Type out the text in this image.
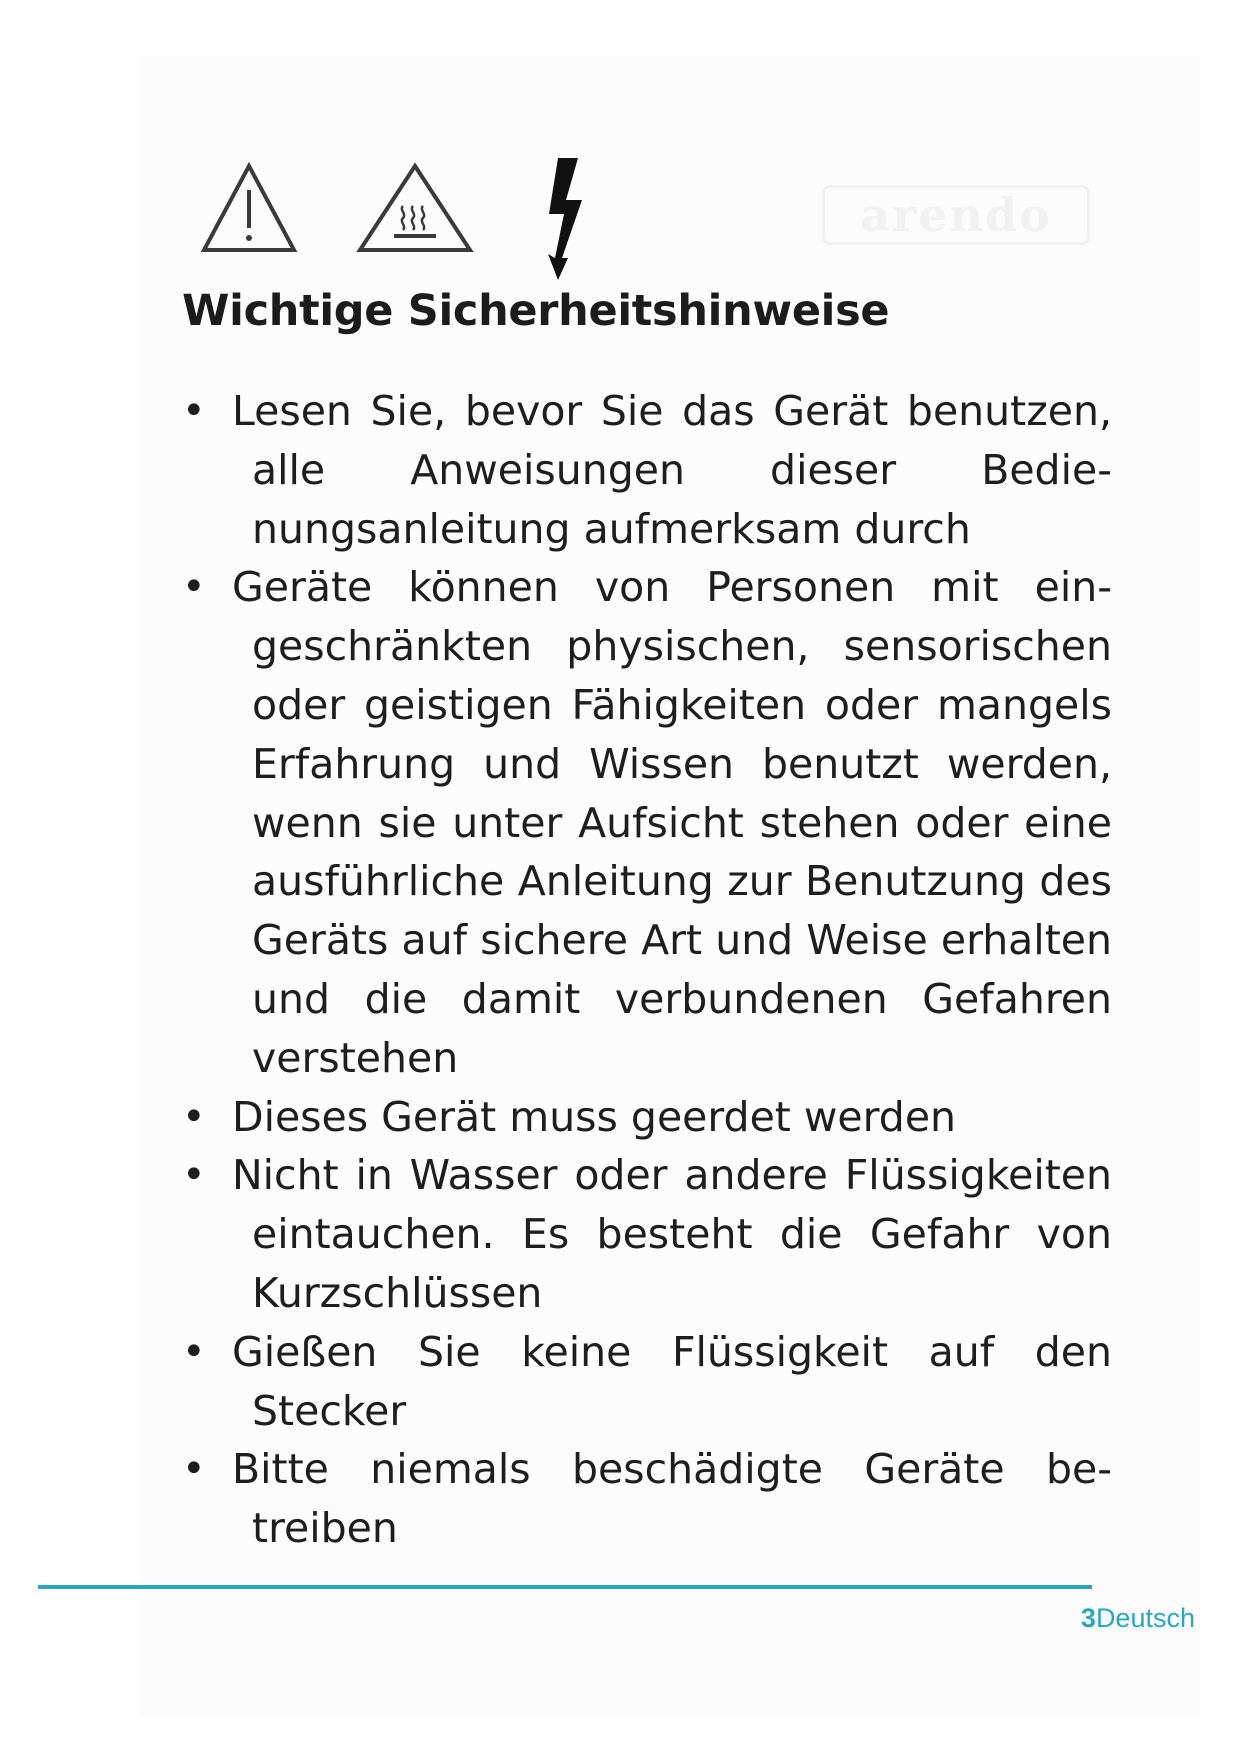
arendo
Wichtige Sicherheitshinweise
• Lesen Sie, bevor Sie das Gerät benutzen, alle Anweisungen dieser Bedienungsanleitung aufmerksam durch
• Geräte können von Personen mit eingeschränkten physischen, sensorischen oder geistigen Fähigkeiten oder mangels Erfahrung und Wissen benutzt werden, wenn sie unter Aufsicht stehen oder eine ausführliche Anleitung zur Benutzung des Geräts auf sichere Art und Weise erhalten und die damit verbundenen Gefahren verstehen
• Dieses Gerät muss geerdet werden
• Nicht in Wasser oder andere Flüssigkeiten eintauchen. Es besteht die Gefahr von Kurzschlüssen
• Gießen Sie keine Flüssigkeit auf den Stecker
• Bitte niemals beschädigte Geräte betreiben
3Deutsch
